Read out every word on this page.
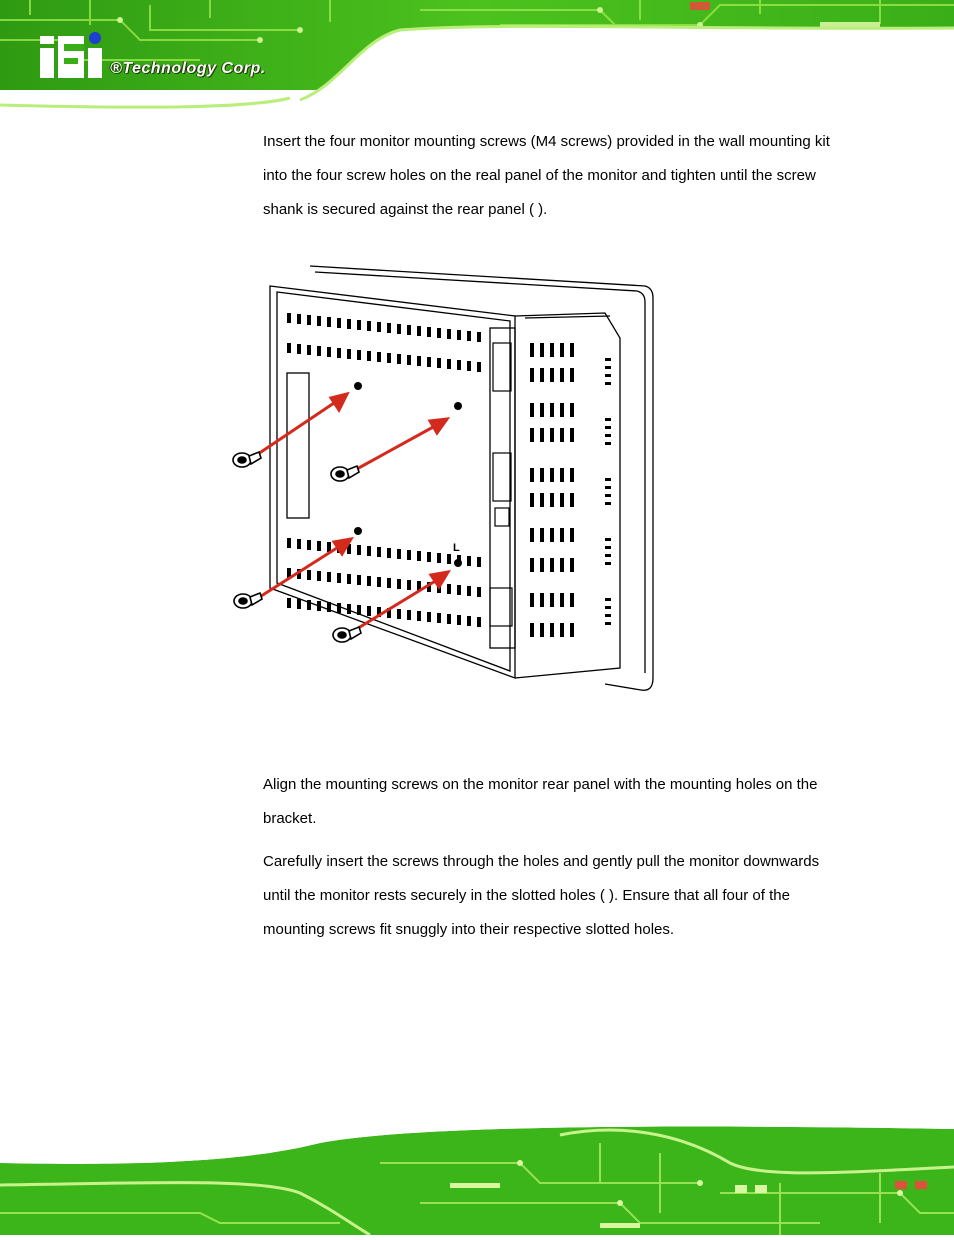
®Technology Corp.

Insert the four monitor mounting screws (M4 screws) provided in the wall mounting kit into the four screw holes on the real panel of the monitor and tighten until the screw shank is secured against the rear panel ( ).

L

Align the mounting screws on the monitor rear panel with the mounting holes on the bracket.

Carefully insert the screws through the holes and gently pull the monitor downwards until the monitor rests securely in the slotted holes ( ). Ensure that all four of the mounting screws fit snuggly into their respective slotted holes.
